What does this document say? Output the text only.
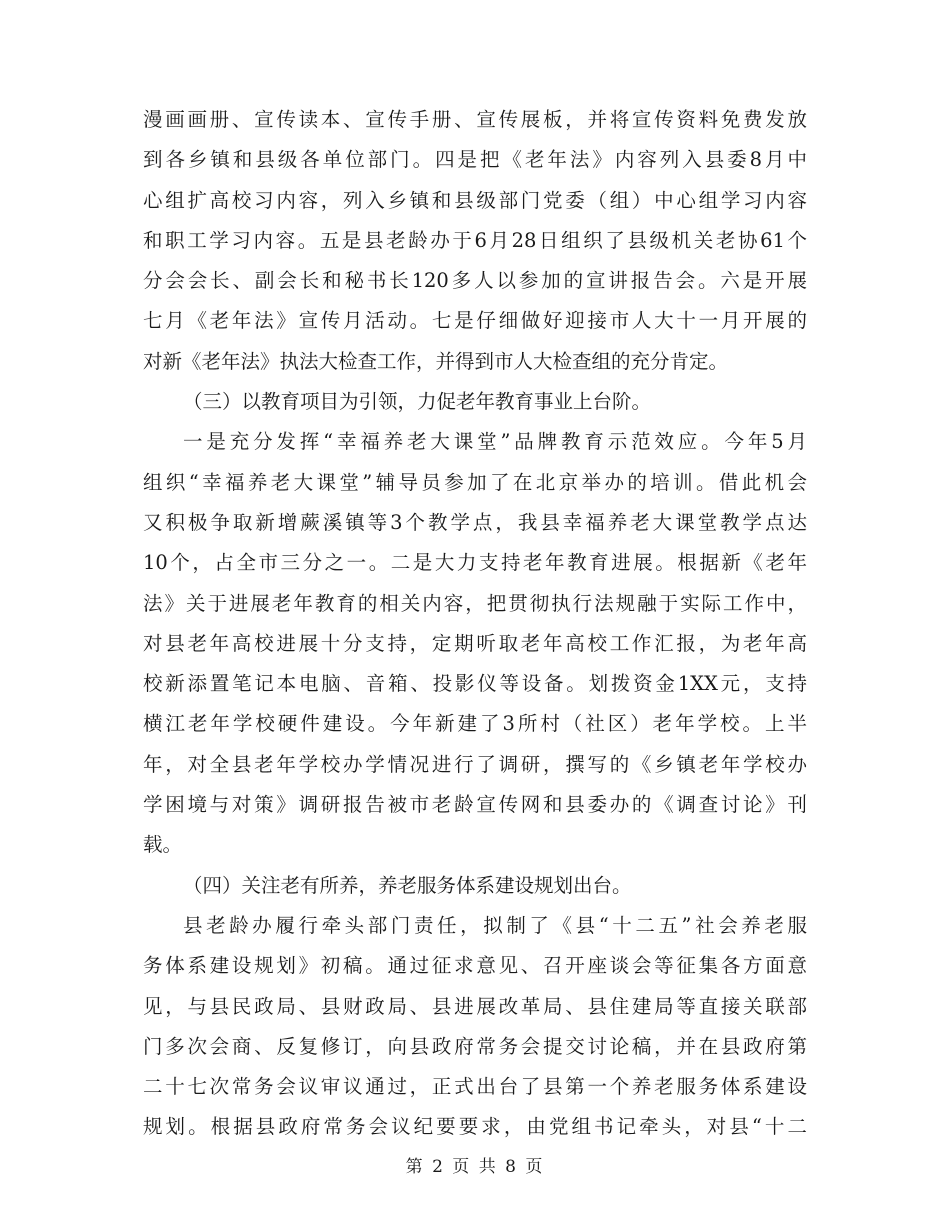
漫画画册、宣传读本、宣传手册、宣传展板，并将宣传资料免费发放
到各乡镇和县级各单位部门。四是把《老年法》内容列入县委8月中
心组扩高校习内容，列入乡镇和县级部门党委（组）中心组学习内容
和职工学习内容。五是县老龄办于6月28日组织了县级机关老协61个
分会会长、副会长和秘书长120多人以参加的宣讲报告会。六是开展
七月《老年法》宣传月活动。七是仔细做好迎接市人大十一月开展的
对新《老年法》执法大检查工作，并得到市人大检查组的充分肯定。
（三）以教育项目为引领，力促老年教育事业上台阶。
一是充分发挥“幸福养老大课堂”品牌教育示范效应。今年5月
组织“幸福养老大课堂”辅导员参加了在北京举办的培训。借此机会
又积极争取新增蕨溪镇等3个教学点，我县幸福养老大课堂教学点达
10个，占全市三分之一。二是大力支持老年教育进展。根据新《老年
法》关于进展老年教育的相关内容，把贯彻执行法规融于实际工作中，
对县老年高校进展十分支持，定期听取老年高校工作汇报，为老年高
校新添置笔记本电脑、音箱、投影仪等设备。划拨资金1XX元，支持
横江老年学校硬件建设。今年新建了3所村（社区）老年学校。上半
年，对全县老年学校办学情况进行了调研，撰写的《乡镇老年学校办
学困境与对策》调研报告被市老龄宣传网和县委办的《调查讨论》刊
载。
（四）关注老有所养，养老服务体系建设规划出台。
县老龄办履行牵头部门责任，拟制了《县“十二五”社会养老服
务体系建设规划》初稿。通过征求意见、召开座谈会等征集各方面意
见，与县民政局、县财政局、县进展改革局、县住建局等直接关联部
门多次会商、反复修订，向县政府常务会提交讨论稿，并在县政府第
二十七次常务会议审议通过，正式出台了县第一个养老服务体系建设
规划。根据县政府常务会议纪要要求，由党组书记牵头，对县“十二
第 2 页 共 8 页
